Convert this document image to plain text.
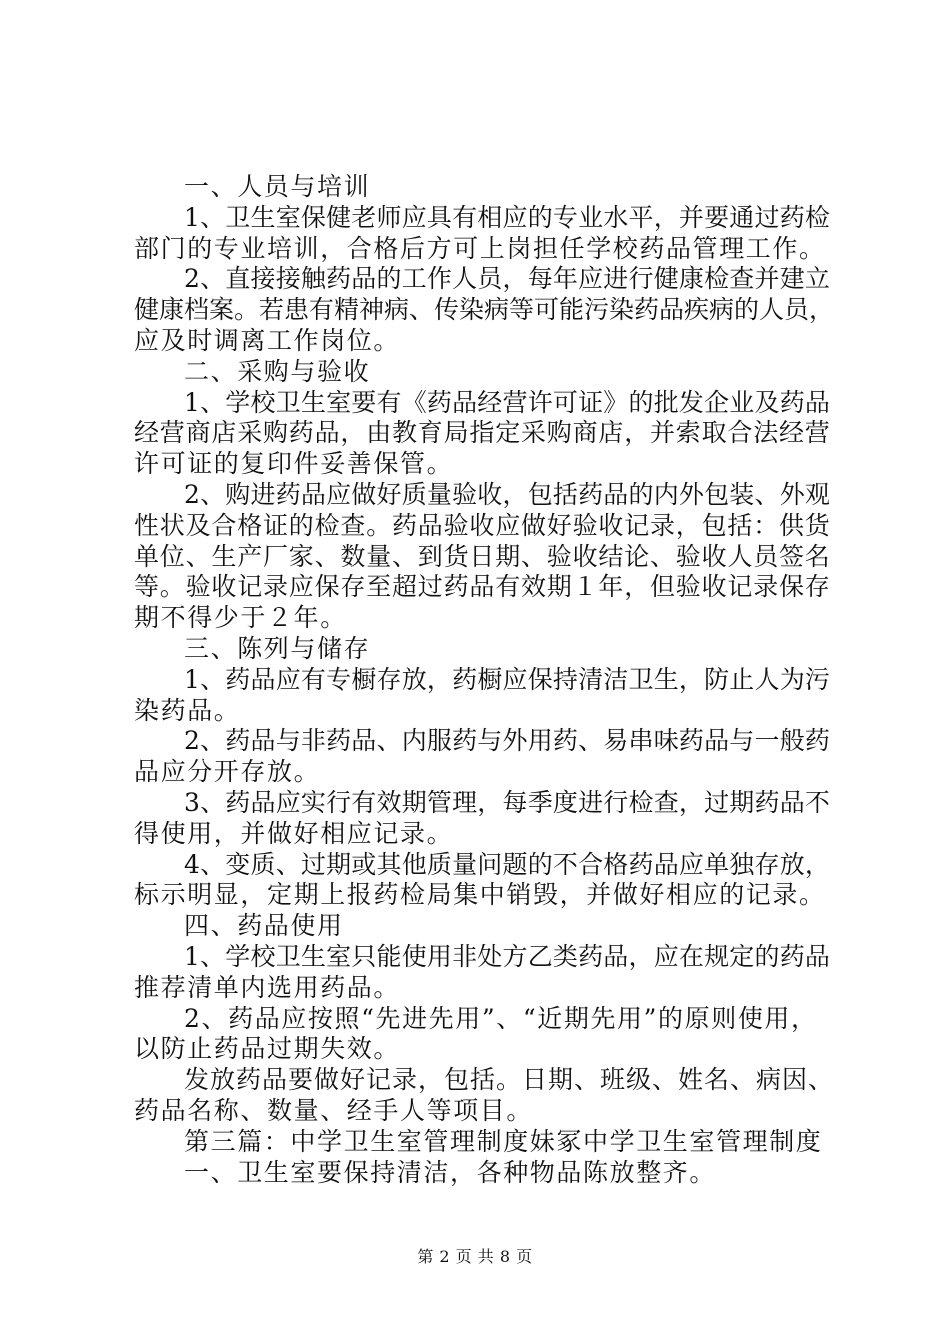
一、人员与培训
1、卫生室保健老师应具有相应的专业水平，并要通过药检
部门的专业培训，合格后方可上岗担任学校药品管理工作。
2、直接接触药品的工作人员，每年应进行健康检查并建立
健康档案。若患有精神病、传染病等可能污染药品疾病的人员，
应及时调离工作岗位。
二、采购与验收
1、学校卫生室要有《药品经营许可证》的批发企业及药品
经营商店采购药品，由教育局指定采购商店，并索取合法经营
许可证的复印件妥善保管。
2、购进药品应做好质量验收，包括药品的内外包装、外观
性状及合格证的检查。药品验收应做好验收记录，包括：供货
单位、生产厂家、数量、到货日期、验收结论、验收人员签名
等。验收记录应保存至超过药品有效期１年，但验收记录保存
期不得少于２年。
三、陈列与储存
1、药品应有专橱存放，药橱应保持清洁卫生，防止人为污
染药品。
2、药品与非药品、内服药与外用药、易串味药品与一般药
品应分开存放。
3、药品应实行有效期管理，每季度进行检查，过期药品不
得使用，并做好相应记录。
4、变质、过期或其他质量问题的不合格药品应单独存放，
标示明显，定期上报药检局集中销毁，并做好相应的记录。
四、药品使用
1、学校卫生室只能使用非处方乙类药品，应在规定的药品
推荐清单内选用药品。
2、药品应按照“先进先用”、“近期先用”的原则使用，
以防止药品过期失效。
发放药品要做好记录，包括。日期、班级、姓名、病因、
药品名称、数量、经手人等项目。
第三篇：中学卫生室管理制度妹冢中学卫生室管理制度
一、卫生室要保持清洁，各种物品陈放整齐。
第 2 页 共 8 页
